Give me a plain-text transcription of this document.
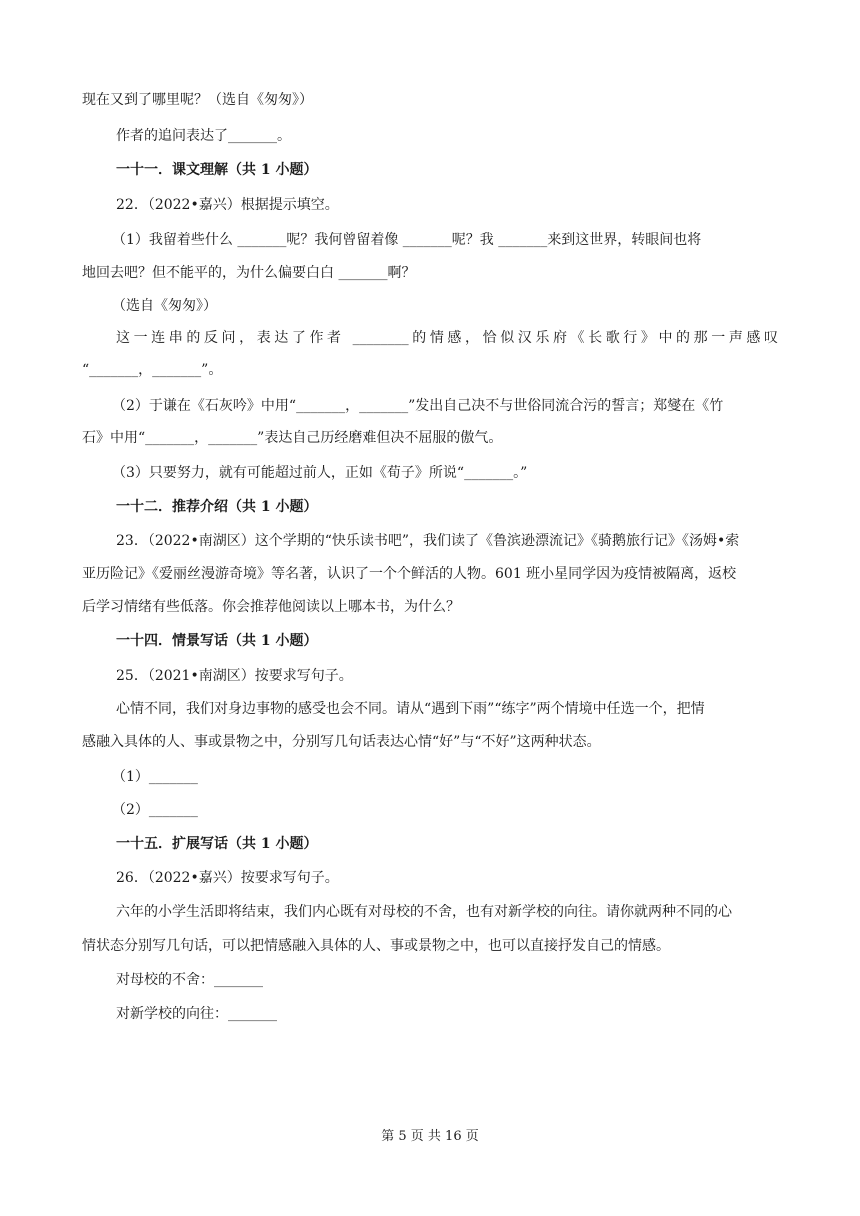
现在又到了哪里呢？（选自《匆匆》）
作者的追问表达了_______。
一十一．课文理解（共 1 小题）
22．（2022•嘉兴）根据提示填空。
（1）我留着些什么 _______呢？我何曾留着像 _______呢？我 _______来到这世界，转眼间也将
地回去吧？但不能平的，为什么偏要白白 _______啊？
（选自《匆匆》）
这一连串的反问，表达了作者 ________的情感，恰似汉乐府《长歌行》中的那一声感叹
“_______，_______”。
（2）于谦在《石灰吟》中用“_______，_______”发出自己决不与世俗同流合污的誓言；郑燮在《竹
石》中用“_______，_______”表达自己历经磨难但决不屈服的傲气。
（3）只要努力，就有可能超过前人，正如《荀子》所说“_______。”
一十二．推荐介绍（共 1 小题）
23．（2022•南湖区）这个学期的“快乐读书吧”，我们读了《鲁滨逊漂流记》《骑鹅旅行记》《汤姆•索
亚历险记》《爱丽丝漫游奇境》等名著，认识了一个个鲜活的人物。601 班小星同学因为疫情被隔离，返校
后学习情绪有些低落。你会推荐他阅读以上哪本书，为什么？
一十四．情景写话（共 1 小题）
25．（2021•南湖区）按要求写句子。
心情不同，我们对身边事物的感受也会不同。请从“遇到下雨”“练字”两个情境中任选一个，把情
感融入具体的人、事或景物之中，分别写几句话表达心情“好”与“不好”这两种状态。
（1）_______
（2）_______
一十五．扩展写话（共 1 小题）
26．（2022•嘉兴）按要求写句子。
六年的小学生活即将结束，我们内心既有对母校的不舍，也有对新学校的向往。请你就两种不同的心
情状态分别写几句话，可以把情感融入具体的人、事或景物之中，也可以直接抒发自己的情感。
对母校的不舍：_______
对新学校的向往：_______
第 5 页 共 16 页
